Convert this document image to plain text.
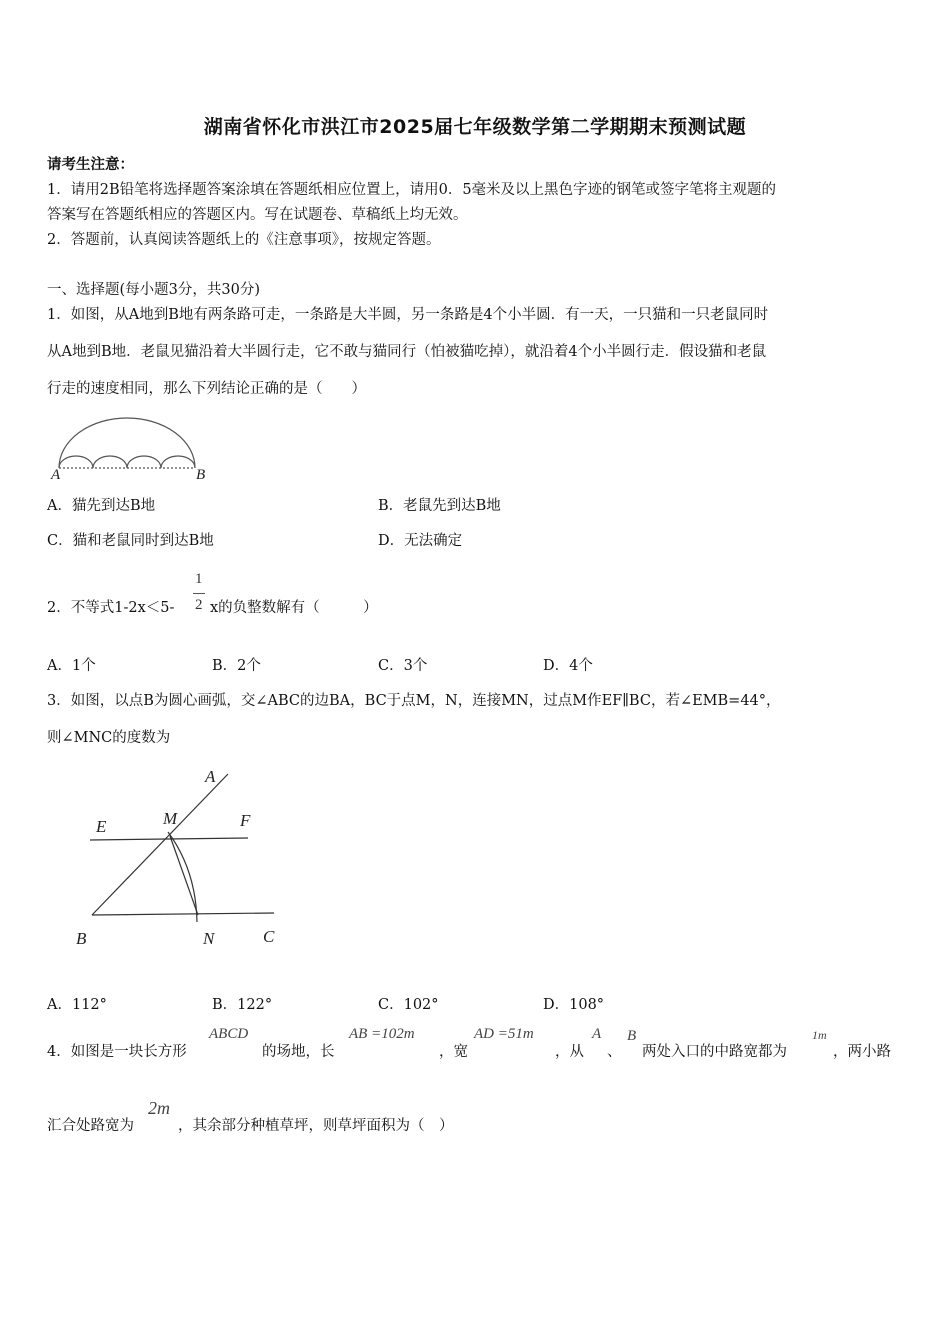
湖南省怀化市洪江市2025届七年级数学第二学期期末预测试题
请考生注意：
1．请用2B铅笔将选择题答案涂填在答题纸相应位置上，请用0．5毫米及以上黑色字迹的钢笔或签字笔将主观题的
答案写在答题纸相应的答题区内。写在试题卷、草稿纸上均无效。
2．答题前，认真阅读答题纸上的《注意事项》，按规定答题。
一、选择题(每小题3分，共30分)
1．如图，从A地到B地有两条路可走，一条路是大半圆，另一条路是4个小半圆．有一天，一只猫和一只老鼠同时
从A地到B地．老鼠见猫沿着大半圆行走，它不敢与猫同行（怕被猫吃掉），就沿着4个小半圆行走．假设猫和老鼠
行走的速度相同，那么下列结论正确的是（　　）
A	B
A．猫先到达B地	B．老鼠先到达B地
C．猫和老鼠同时到达B地	D．无法确定
2．不等式1-2x＜5-
1
2 x的负整数解有（　　　）
A．1个	B．2个	C．3个	D．4个
3．如图，以点B为圆心画弧，交∠ABC的边BA，BC于点M，N，连接MN，过点M作EF∥BC，若∠EMB=44°，
则∠MNC的度数为
A
E	M	F
B	N	C
A．112°	B．122°	C．102°	D．108°
4．如图是一块长方形
ABCD
的场地，长
AB =102m
，宽
AD =51m
，从
A
、
B
两处入口的中路宽都为
1m
，两小路
汇合处路宽为
2m
，其余部分种植草坪，则草坪面积为（　）
